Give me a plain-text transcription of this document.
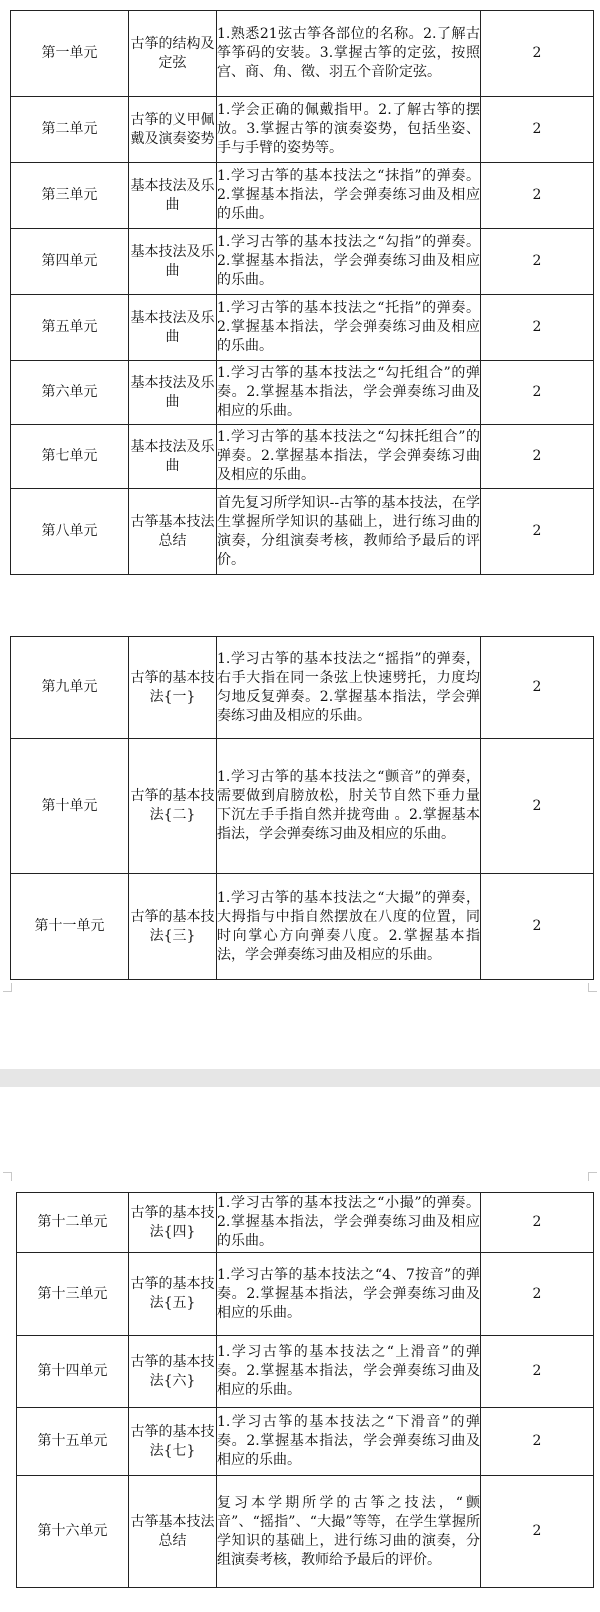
第一单元	古筝的结构及定弦	1.熟悉21弦古筝各部位的名称。2.了解古筝筝码的安装。3.掌握古筝的定弦，按照宫、商、角、徵、羽五个音阶定弦。	2
第二单元	古筝的义甲佩戴及演奏姿势	1.学会正确的佩戴指甲。2.了解古筝的摆放。3.掌握古筝的演奏姿势，包括坐姿、手与手臂的姿势等。	2
第三单元	基本技法及乐曲	1.学习古筝的基本技法之“抹指”的弹奏。2.掌握基本指法，学会弹奏练习曲及相应的乐曲。	2
第四单元	基本技法及乐曲	1.学习古筝的基本技法之“勾指”的弹奏。2.掌握基本指法，学会弹奏练习曲及相应的乐曲。	2
第五单元	基本技法及乐曲	1.学习古筝的基本技法之“托指”的弹奏。2.掌握基本指法，学会弹奏练习曲及相应的乐曲。	2
第六单元	基本技法及乐曲	1.学习古筝的基本技法之“勾托组合”的弹奏。2.掌握基本指法，学会弹奏练习曲及相应的乐曲。	2
第七单元	基本技法及乐曲	1.学习古筝的基本技法之“勾抹托组合”的弹奏。2.掌握基本指法，学会弹奏练习曲及相应的乐曲。	2
第八单元	古筝基本技法总结	首先复习所学知识--古筝的基本技法，在学生掌握所学知识的基础上，进行练习曲的演奏，分组演奏考核，教师给予最后的评价。	2
第九单元	古筝的基本技法{一}	1.学习古筝的基本技法之“摇指”的弹奏，右手大指在同一条弦上快速劈托，力度均匀地反复弹奏。2.掌握基本指法，学会弹奏练习曲及相应的乐曲。	2
第十单元	古筝的基本技法{二}	1.学习古筝的基本技法之“颤音”的弹奏，需要做到肩膀放松，肘关节自然下垂力量下沉左手手指自然并拢弯曲 。2.掌握基本指法，学会弹奏练习曲及相应的乐曲。	2
第十一单元	古筝的基本技法{三}	1.学习古筝的基本技法之“大撮”的弹奏，大拇指与中指自然摆放在八度的位置，同时向掌心方向弹奏八度。2.掌握基本指法，学会弹奏练习曲及相应的乐曲。	2
第十二单元	古筝的基本技法{四}	1.学习古筝的基本技法之“小撮”的弹奏。2.掌握基本指法，学会弹奏练习曲及相应的乐曲。	2
第十三单元	古筝的基本技法{五}	1.学习古筝的基本技法之“4、7按音”的弹奏。2.掌握基本指法，学会弹奏练习曲及相应的乐曲。	2
第十四单元	古筝的基本技法{六}	1.学习古筝的基本技法之“上滑音”的弹奏。2.掌握基本指法，学会弹奏练习曲及相应的乐曲。	2
第十五单元	古筝的基本技法{七}	1.学习古筝的基本技法之“下滑音”的弹奏。2.掌握基本指法，学会弹奏练习曲及相应的乐曲。	2
第十六单元	古筝基本技法总结	复习本学期所学的古筝之技法，“颤音”、“摇指”、“大撮”等等，在学生掌握所学知识的基础上，进行练习曲的演奏，分组演奏考核，教师给予最后的评价。	2
